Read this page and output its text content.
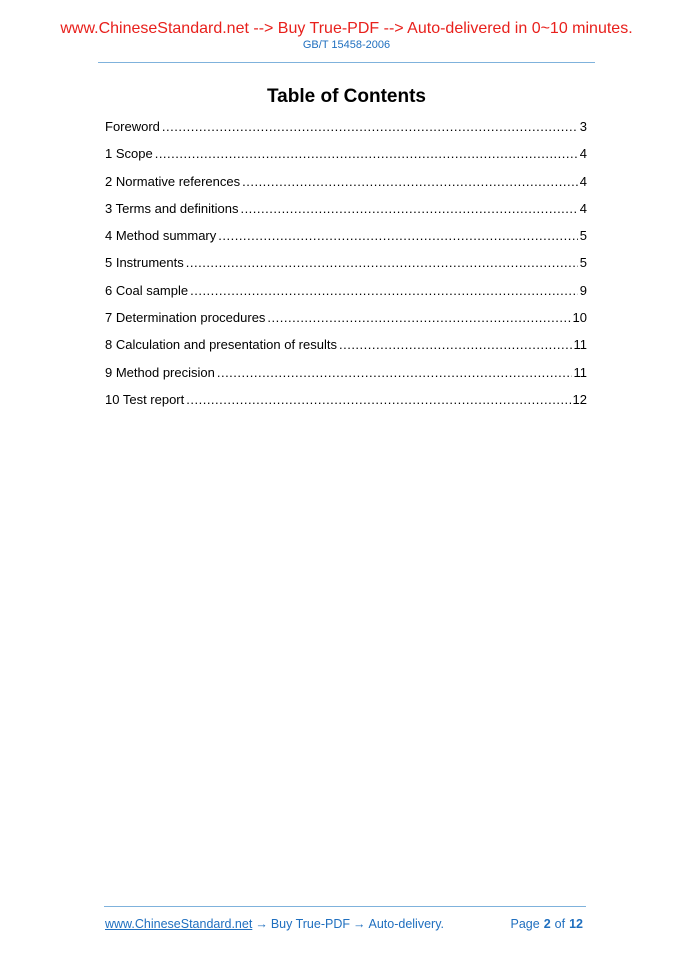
www.ChineseStandard.net --> Buy True-PDF --> Auto-delivered in 0~10 minutes.
GB/T 15458-2006
Table of Contents
Foreword .....	3
1 Scope .....	4
2 Normative references .....	4
3 Terms and definitions .....	4
4 Method summary .....	5
5 Instruments .....	5
6 Coal sample .....	9
7 Determination procedures .....	10
8 Calculation and presentation of results .....	11
9 Method precision .....	11
10 Test report .....	12
www.ChineseStandard.net → Buy True-PDF → Auto-delivery.	Page 2 of 12
